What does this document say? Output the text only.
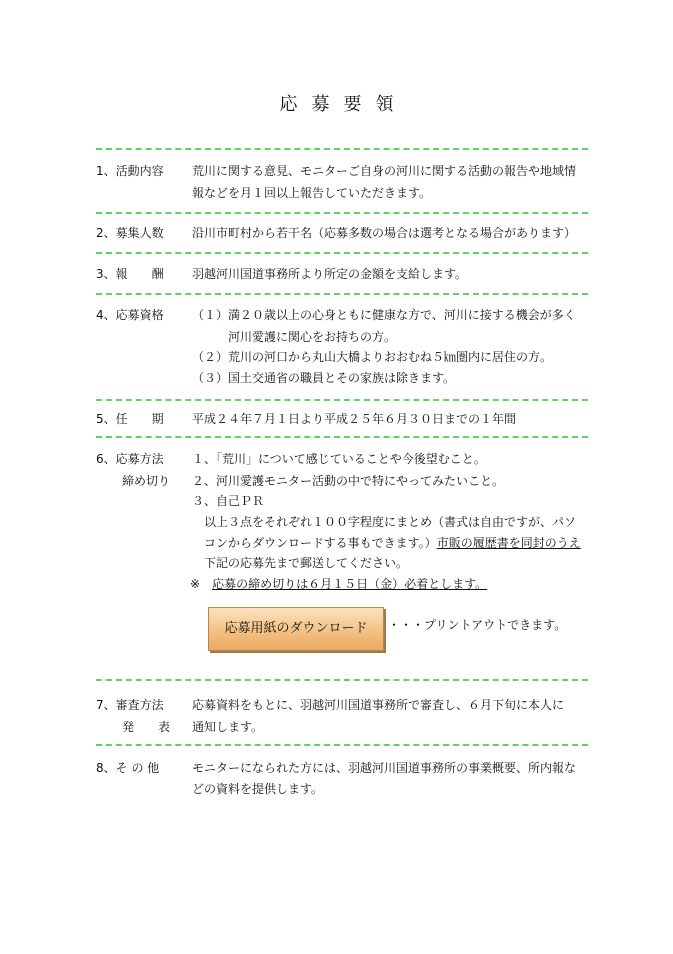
応募要領
1、活動内容 荒川に関する意見、モニターご自身の河川に関する活動の報告や地域情
報などを月１回以上報告していただきます。
2、募集人数 沿川市町村から若干名（応募多数の場合は選考となる場合があります）
3、報　　酬 羽越河川国道事務所より所定の金額を支給します。
4、応募資格 （１）満２０歳以上の心身ともに健康な方で、河川に接する機会が多く
　　　河川愛護に関心をお持ちの方。
（２）荒川の河口から丸山大橋よりおおむね５㎞圏内に居住の方。
（３）国土交通省の職員とその家族は除きます。
5、任　　期 平成２４年７月１日より平成２５年６月３０日までの１年間
6、応募方法
締め切り
１、「荒川」について感じていることや今後望むこと。
２、河川愛護モニター活動の中で特にやってみたいこと。
３、自己ＰＲ
以上３点をそれぞれ１００字程度にまとめ（書式は自由ですが、パソ
コンからダウンロードする事もできます。）市販の履歴書を同封のうえ
下記の応募先まで郵送してください。
※　 応募の締め切りは６月１５日（金）必着とします。
応募用紙のダウンロード	・・・プリントアウトできます。
7、審査方法
発　　表
応募資料をもとに、羽越河川国道事務所で審査し、６月下旬に本人に
通知します。
8、そ の 他	モニターになられた方には、羽越河川国道事務所の事業概要、所内報な
どの資料を提供します。
